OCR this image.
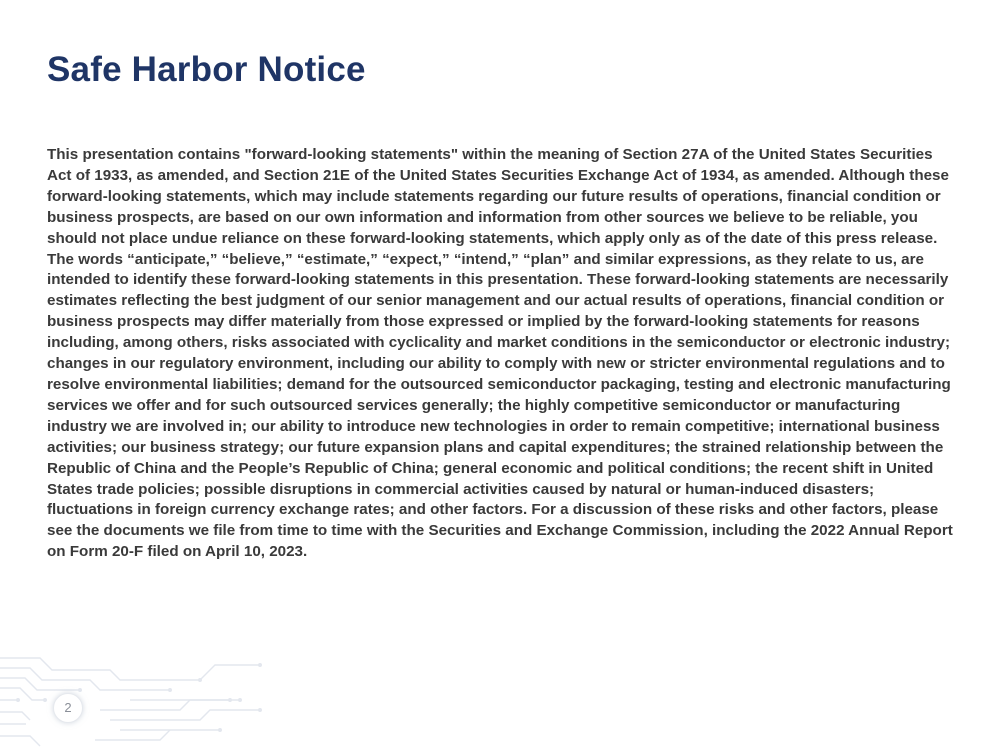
Safe Harbor Notice

This presentation contains "forward-looking statements" within the meaning of Section 27A of the United States Securities Act of 1933, as amended, and Section 21E of the United States Securities Exchange Act of 1934, as amended. Although these forward-looking statements, which may include statements regarding our future results of operations, financial condition or business prospects, are based on our own information and information from other sources we believe to be reliable, you should not place undue reliance on these forward-looking statements, which apply only as of the date of this press release. The words “anticipate,” “believe,” “estimate,” “expect,” “intend,” “plan” and similar expressions, as they relate to us, are intended to identify these forward-looking statements in this presentation. These forward-looking statements are necessarily estimates reflecting the best judgment of our senior management and our actual results of operations, financial condition or business prospects may differ materially from those expressed or implied by the forward-looking statements for reasons including, among others, risks associated with cyclicality and market conditions in the semiconductor or electronic industry; changes in our regulatory environment, including our ability to comply with new or stricter environmental regulations and to resolve environmental liabilities; demand for the outsourced semiconductor packaging, testing and electronic manufacturing services we offer and for such outsourced services generally; the highly competitive semiconductor or manufacturing industry we are involved in; our ability to introduce new technologies in order to remain competitive; international business activities; our business strategy; our future expansion plans and capital expenditures; the strained relationship between the Republic of China and the People’s Republic of China; general economic and political conditions; the recent shift in United States trade policies; possible disruptions in commercial activities caused by natural or human-induced disasters; fluctuations in foreign currency exchange rates; and other factors. For a discussion of these risks and other factors, please see the documents we file from time to time with the Securities and Exchange Commission, including the 2022 Annual Report on Form 20-F filed on April 10, 2023.

2
